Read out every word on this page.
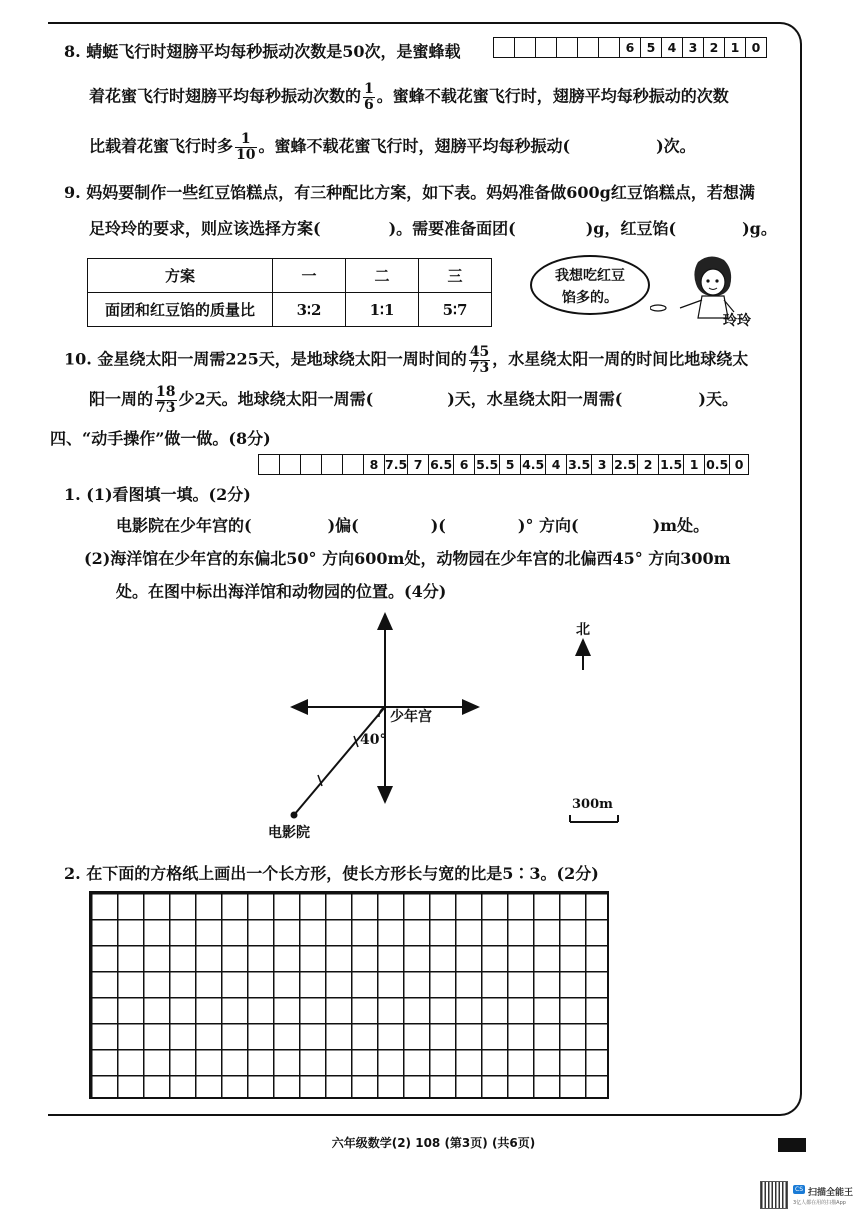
						6	5	4	3	2	1	0
8. 蜻蜓飞行时翅膀平均每秒振动次数是50次，是蜜蜂载
着花蜜飞行时翅膀平均每秒振动次数的 $\frac{1}{6}$ 。蜜蜂不载花蜜飞行时，翅膀平均每秒振动的次数
比载着花蜜飞行时多 $\frac{1}{10}$ 。蜜蜂不载花蜜飞行时，翅膀平均每秒振动(	)次。
9. 妈妈要制作一些红豆馅糕点，有三种配比方案，如下表。妈妈准备做600g红豆馅糕点，若想满
足玲玲的要求，则应该选择方案(	)。需要准备面团(	)g，红豆馅(	)g。
方案	一	二	三
面团和红豆馅的质量比	3∶2	1∶1	5∶7
我想吃红豆
馅多的。
玲玲
10. 金星绕太阳一周需225天，是地球绕太阳一周时间的 $\frac{45}{73}$ ，水星绕太阳一周的时间比地球绕太
阳一周的 $\frac{18}{73}$ 少2天。地球绕太阳一周需(	)天，水星绕太阳一周需(	)天。
四、“动手操作”做一做。(8分)
					8	7.5	7	6.5	6	5.5	5	4.5	4	3.5	3	2.5	2	1.5	1	0.5	0
1. (1)看图填一填。(2分)
电影院在少年宫的(	)偏(	)(	)° 方向(	)m处。
(2)海洋馆在少年宫的东偏北50° 方向600m处，动物园在少年宫的北偏西45° 方向300m
处。在图中标出海洋馆和动物园的位置。(4分)
少年宫
40°
电影院
北
300m
2. 在下面的方格纸上画出一个长方形，使长方形长与宽的比是5∶3。(2分)
六年级数学(2) 108 (第3页) (共6页)
CS 扫描全能王
3亿人都在用的扫描App
